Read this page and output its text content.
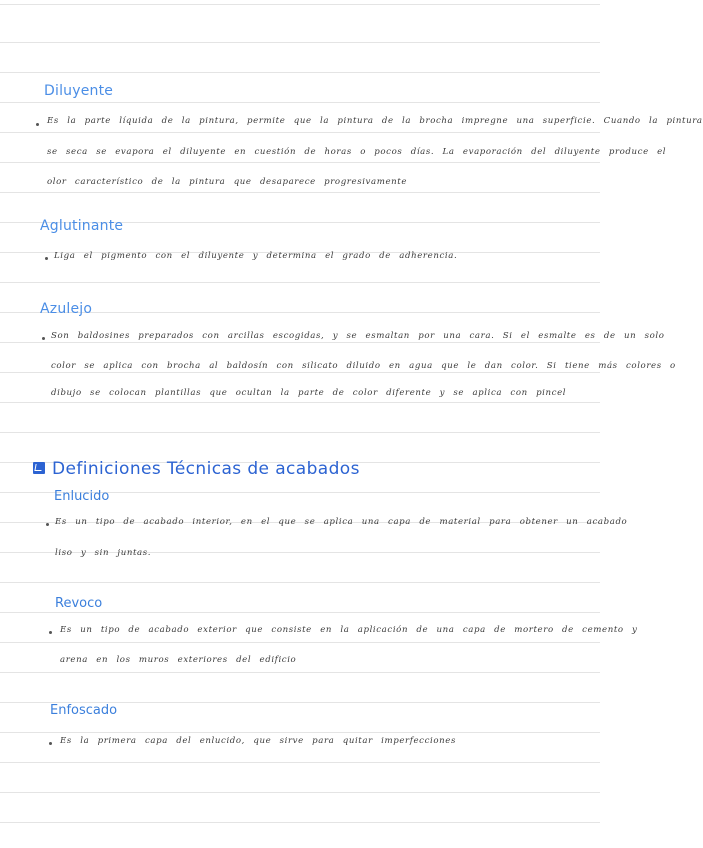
Diluyente
Es la parte líquida de la pintura, permite que la pintura de la brocha impregne una superficie. Cuando la pintura
se seca se evapora el diluyente en cuestión de horas o pocos días. La evaporación del diluyente produce el
olor característico de la pintura que desaparece progresivamente
Aglutinante
Liga el pigmento con el diluyente y determina el grado de adherencia.
Azulejo
Son baldosines preparados con arcillas escogidas, y se esmaltan por una cara. Si el esmalte es de un solo
color se aplica con brocha al baldosín con silicato diluido en agua que le dan color. Si tiene más colores o
dibujo se colocan plantillas que ocultan la parte de color diferente y se aplica con pincel
Definiciones Técnicas de acabados
Enlucido
Es un tipo de acabado interior, en el que se aplica una capa de material para obtener un acabado
liso y sin juntas.
Revoco
Es un tipo de acabado exterior que consiste en la aplicación de una capa de mortero de cemento y
arena en los muros exteriores del edificio
Enfoscado
Es la primera capa del enlucido, que sirve para quitar imperfecciones
